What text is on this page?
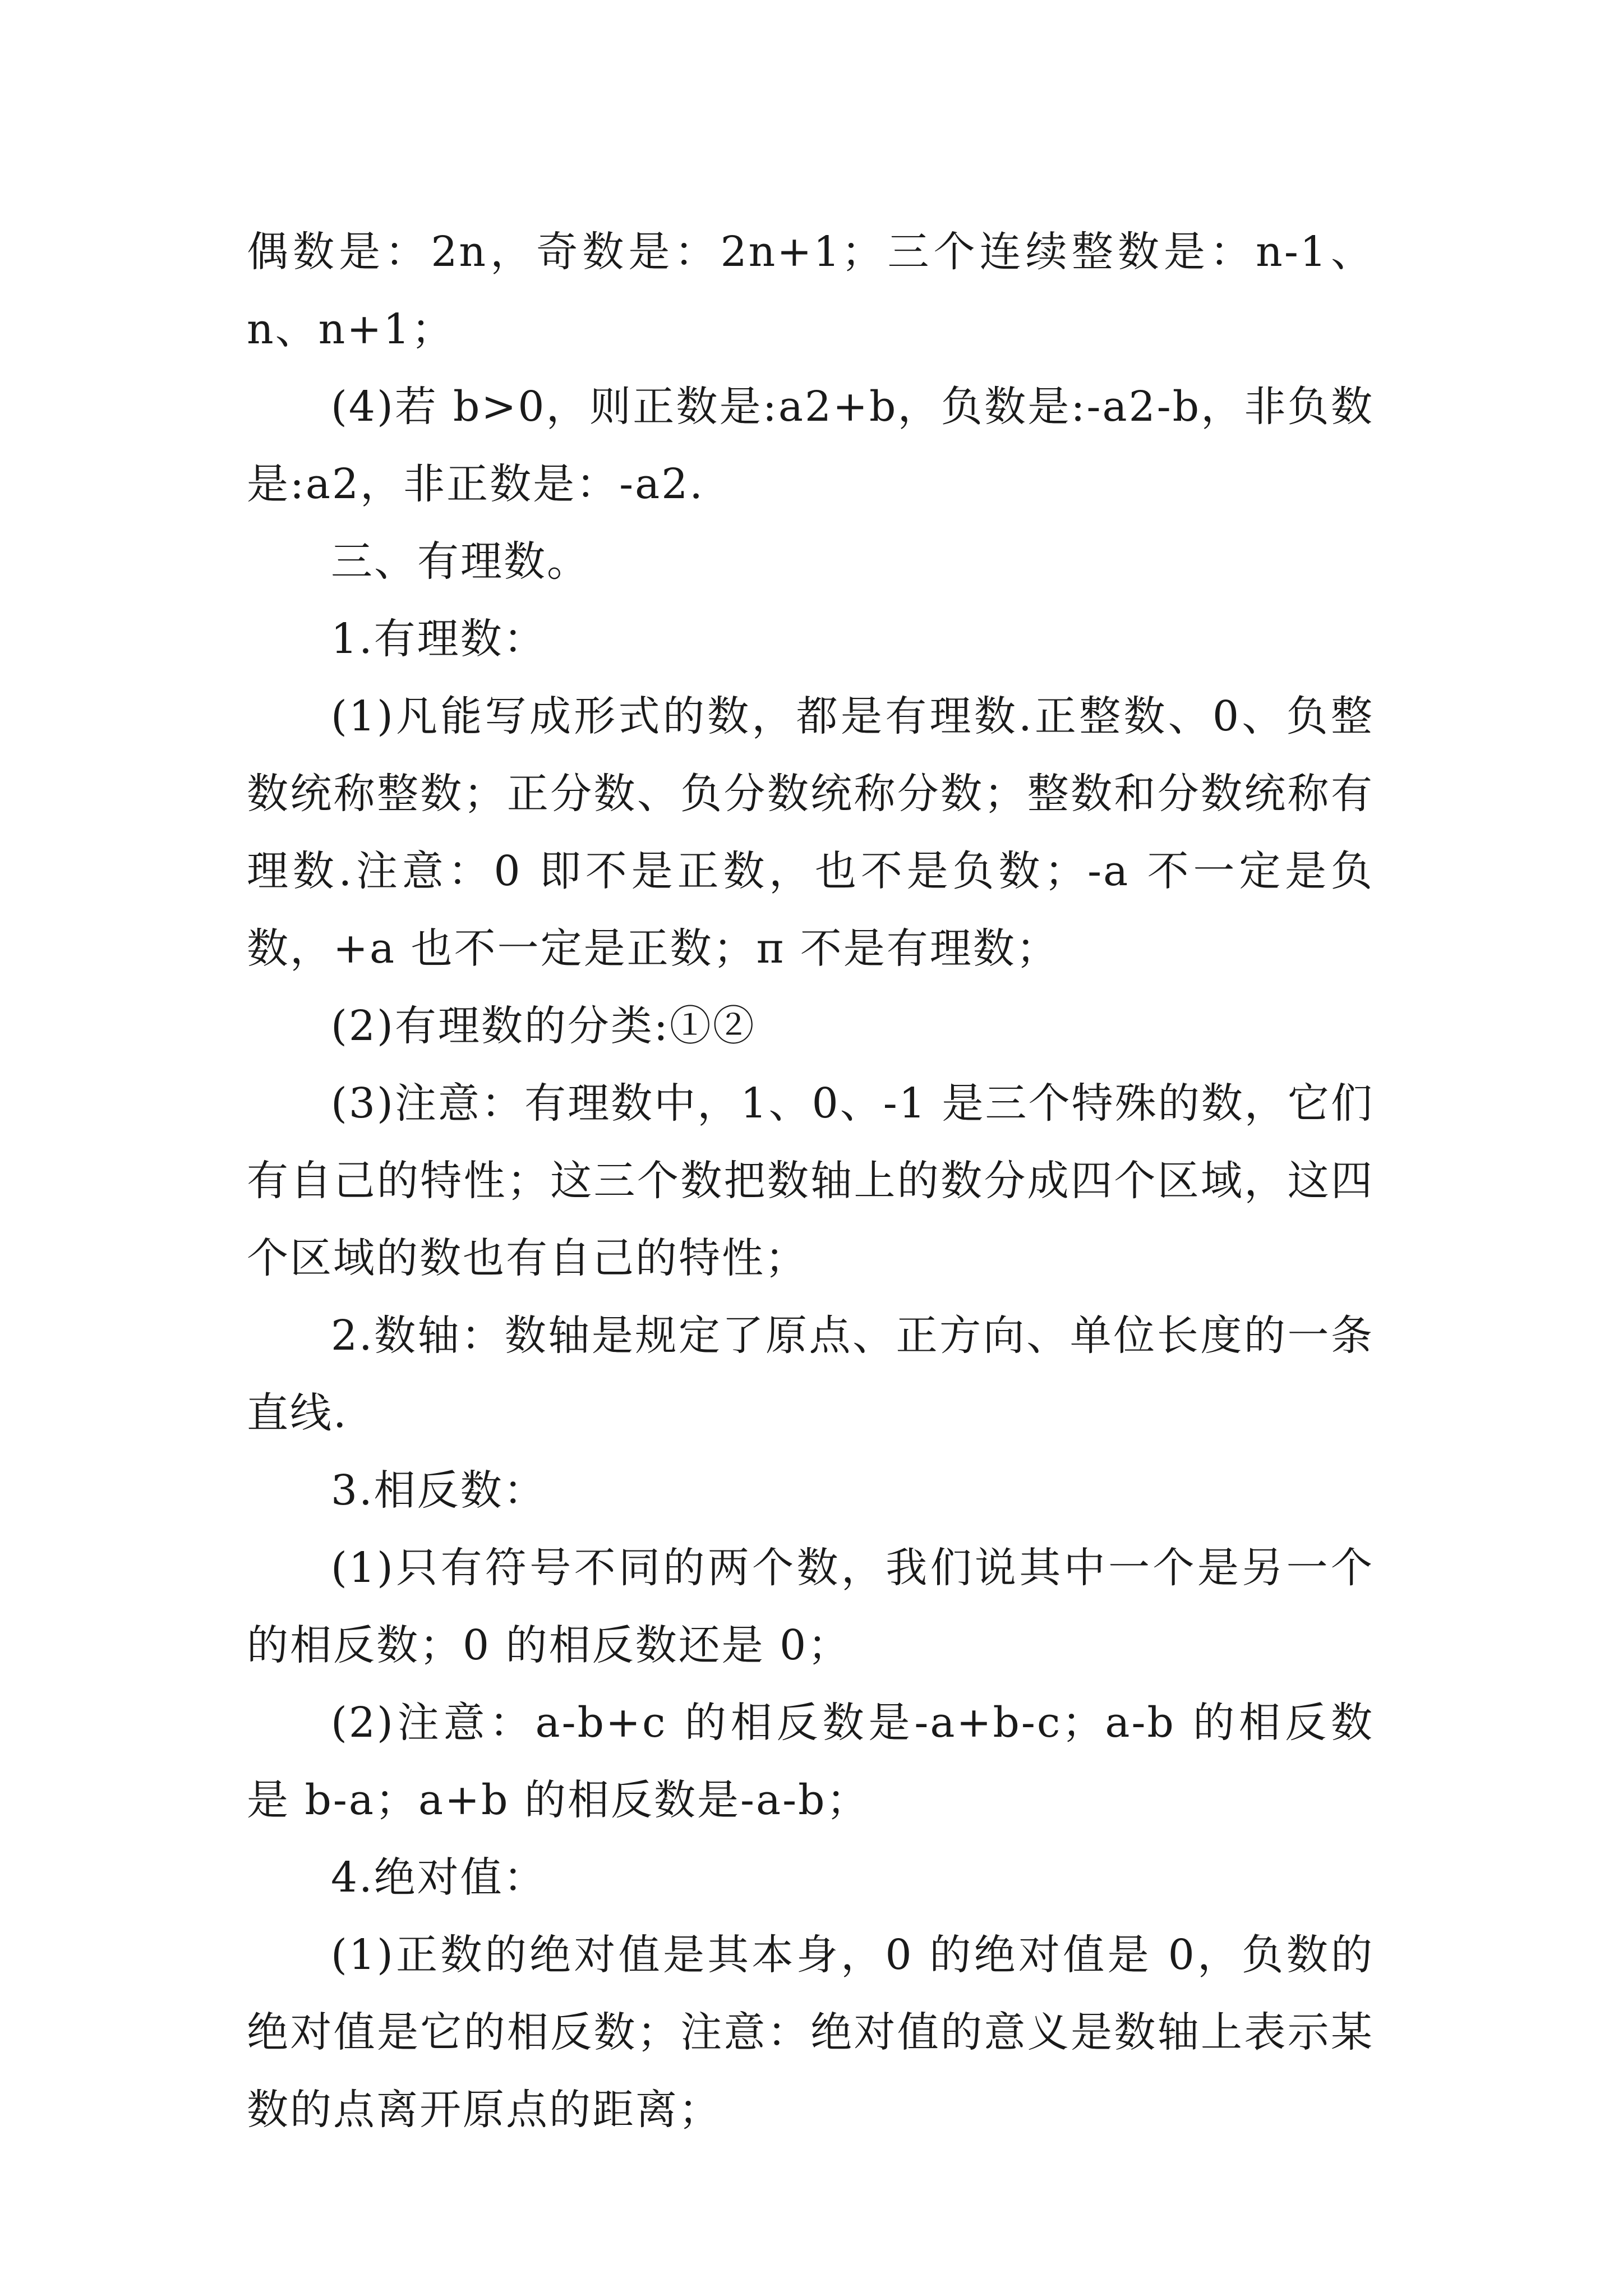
偶数是：2n，奇数是：2n+1；三个连续整数是：n-1、n、n+1；

(4)若 b>0，则正数是:a2+b，负数是:-a2-b，非负数是:a2，非正数是：-a2.

三、有理数。

1.有理数：

(1)凡能写成形式的数，都是有理数.正整数、0、负整数统称整数；正分数、负分数统称分数；整数和分数统称有理数.注意：0 即不是正数，也不是负数；-a 不一定是负数，+a 也不一定是正数；π 不是有理数；

(2)有理数的分类:①②

(3)注意：有理数中，1、0、-1 是三个特殊的数，它们有自己的特性；这三个数把数轴上的数分成四个区域，这四个区域的数也有自己的特性；

2.数轴：数轴是规定了原点、正方向、单位长度的一条直线.

3.相反数：

(1)只有符号不同的两个数，我们说其中一个是另一个的相反数；0 的相反数还是 0；

(2)注意：a-b+c 的相反数是-a+b-c；a-b 的相反数是 b-a；a+b 的相反数是-a-b；

4.绝对值：

(1)正数的绝对值是其本身，0 的绝对值是 0，负数的绝对值是它的相反数；注意：绝对值的意义是数轴上表示某数的点离开原点的距离；
